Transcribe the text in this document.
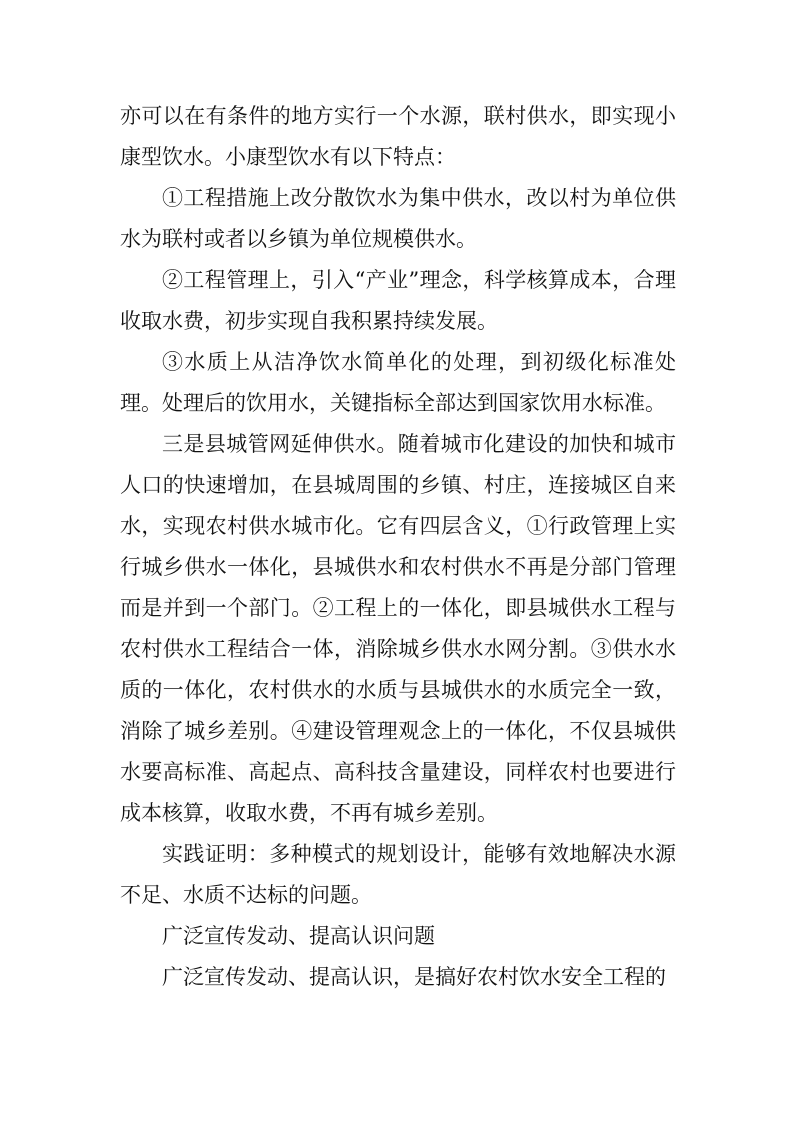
亦可以在有条件的地方实行一个水源，联村供水，即实现小康型饮水。小康型饮水有以下特点：

①工程措施上改分散饮水为集中供水，改以村为单位供水为联村或者以乡镇为单位规模供水。

②工程管理上，引入“产业”理念，科学核算成本，合理收取水费，初步实现自我积累持续发展。

③水质上从洁净饮水简单化的处理，到初级化标准处理。处理后的饮用水，关键指标全部达到国家饮用水标准。

三是县城管网延伸供水。随着城市化建设的加快和城市人口的快速增加，在县城周围的乡镇、村庄，连接城区自来水，实现农村供水城市化。它有四层含义，①行政管理上实行城乡供水一体化，县城供水和农村供水不再是分部门管理而是并到一个部门。②工程上的一体化，即县城供水工程与农村供水工程结合一体，消除城乡供水水网分割。③供水水质的一体化，农村供水的水质与县城供水的水质完全一致，消除了城乡差别。④建设管理观念上的一体化，不仅县城供水要高标准、高起点、高科技含量建设，同样农村也要进行成本核算，收取水费，不再有城乡差别。

实践证明：多种模式的规划设计，能够有效地解决水源不足、水质不达标的问题。

广泛宣传发动、提高认识问题

广泛宣传发动、提高认识，是搞好农村饮水安全工程的
